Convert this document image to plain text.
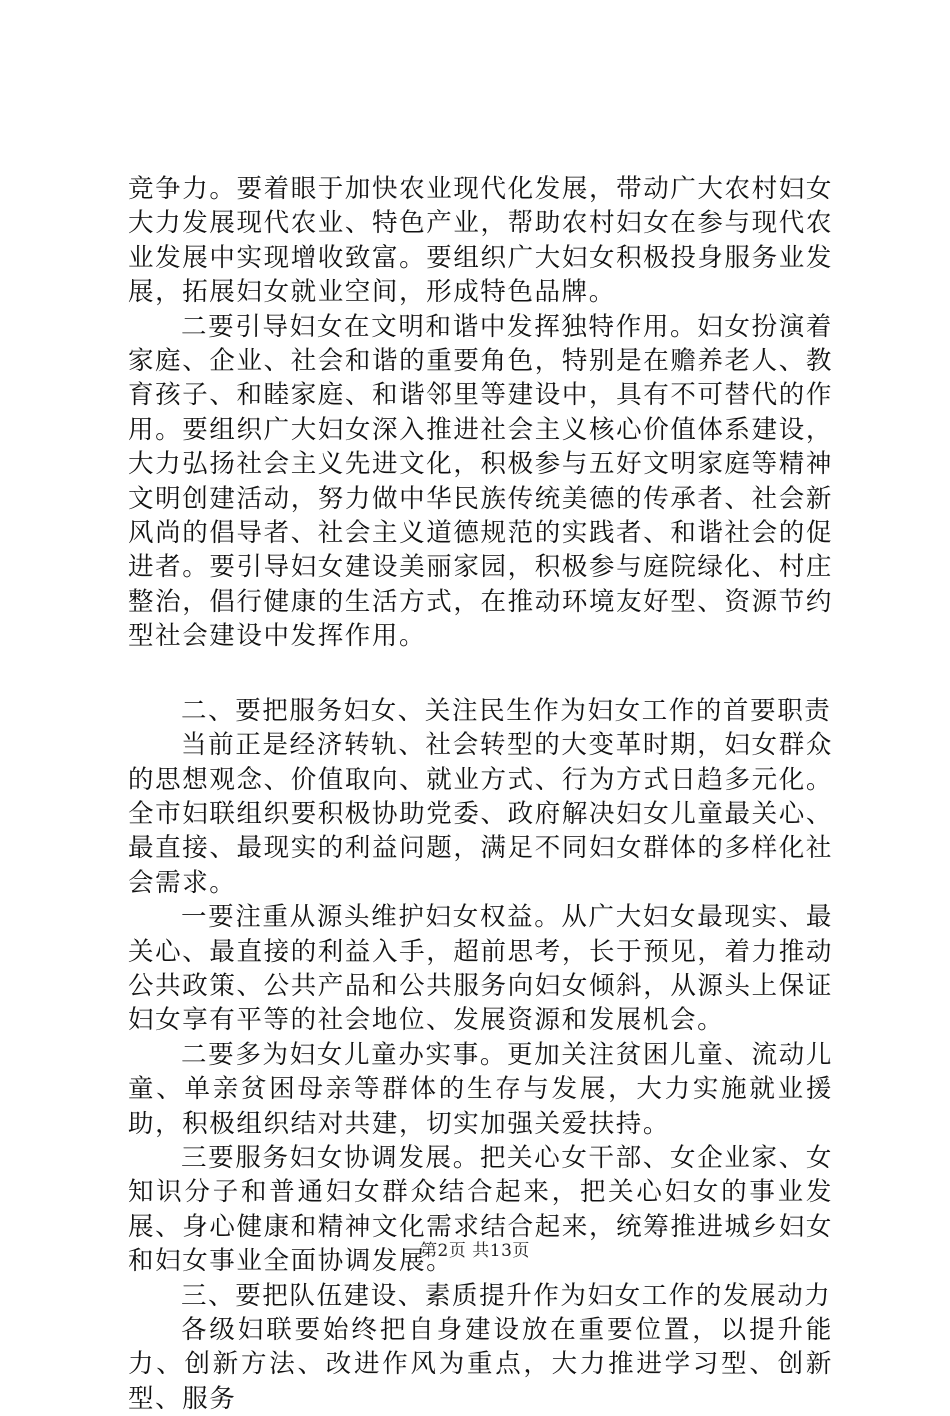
竞争力。要着眼于加快农业现代化发展，带动广大农村妇女大力发展现代农业、特色产业，帮助农村妇女在参与现代农业发展中实现增收致富。要组织广大妇女积极投身服务业发展，拓展妇女就业空间，形成特色品牌。

二要引导妇女在文明和谐中发挥独特作用。妇女扮演着家庭、企业、社会和谐的重要角色，特别是在赡养老人、教育孩子、和睦家庭、和谐邻里等建设中，具有不可替代的作用。要组织广大妇女深入推进社会主义核心价值体系建设，大力弘扬社会主义先进文化，积极参与五好文明家庭等精神文明创建活动，努力做中华民族传统美德的传承者、社会新风尚的倡导者、社会主义道德规范的实践者、和谐社会的促进者。要引导妇女建设美丽家园，积极参与庭院绿化、村庄整治，倡行健康的生活方式，在推动环境友好型、资源节约型社会建设中发挥作用。

二、要把服务妇女、关注民生作为妇女工作的首要职责

当前正是经济转轨、社会转型的大变革时期，妇女群众的思想观念、价值取向、就业方式、行为方式日趋多元化。全市妇联组织要积极协助党委、政府解决妇女儿童最关心、最直接、最现实的利益问题，满足不同妇女群体的多样化社会需求。

一要注重从源头维护妇女权益。从广大妇女最现实、最关心、最直接的利益入手，超前思考，长于预见，着力推动公共政策、公共产品和公共服务向妇女倾斜，从源头上保证妇女享有平等的社会地位、发展资源和发展机会。

二要多为妇女儿童办实事。更加关注贫困儿童、流动儿童、单亲贫困母亲等群体的生存与发展，大力实施就业援助，积极组织结对共建，切实加强关爱扶持。

三要服务妇女协调发展。把关心女干部、女企业家、女知识分子和普通妇女群众结合起来，把关心妇女的事业发展、身心健康和精神文化需求结合起来，统筹推进城乡妇女和妇女事业全面协调发展。

三、要把队伍建设、素质提升作为妇女工作的发展动力

各级妇联要始终把自身建设放在重要位置，以提升能力、创新方法、改进作风为重点，大力推进学习型、创新型、服务

第2页 共13页
